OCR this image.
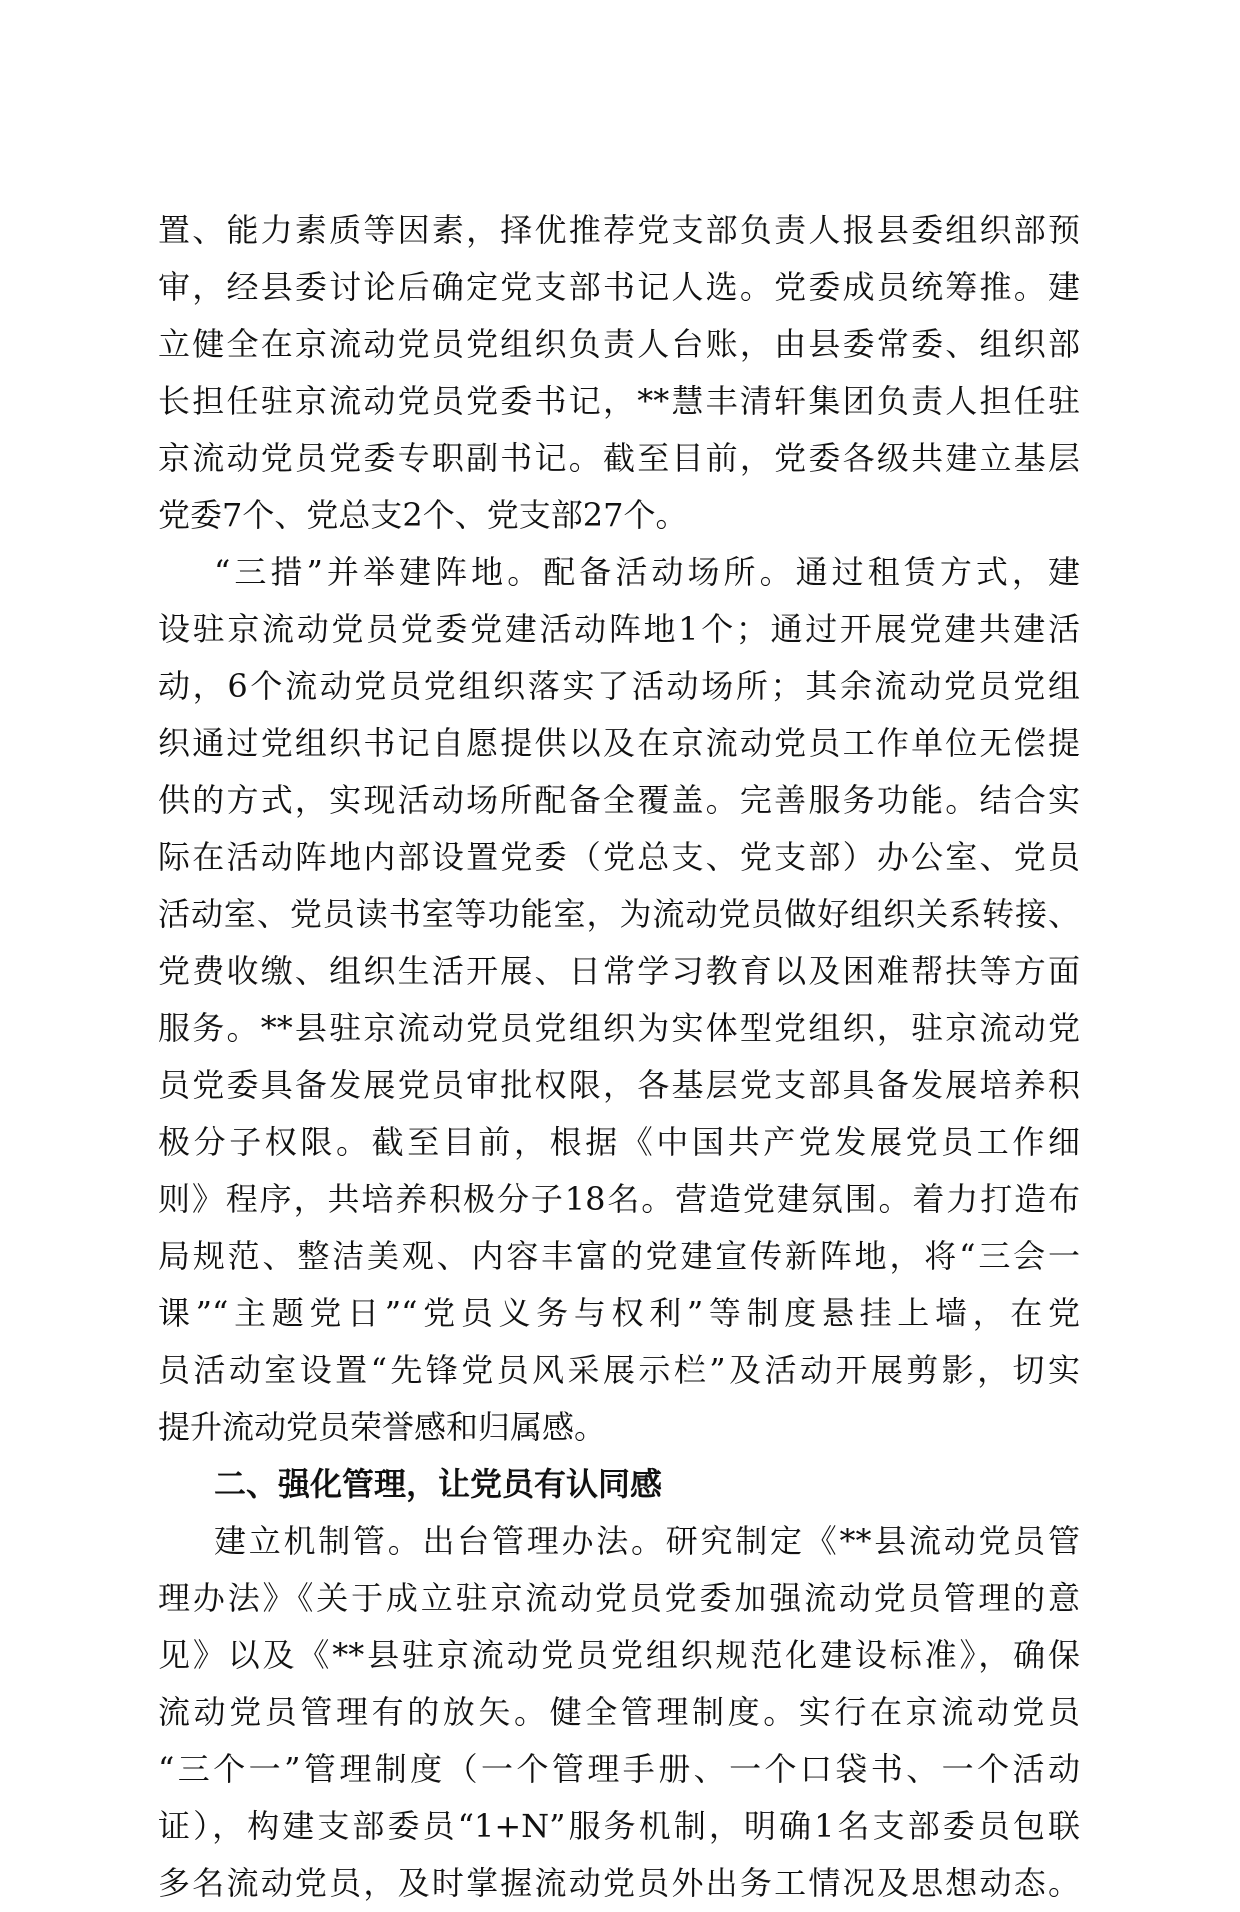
置、能力素质等因素，择优推荐党支部负责人报县委组织部预
审，经县委讨论后确定党支部书记人选。党委成员统筹推。建
立健全在京流动党员党组织负责人台账，由县委常委、组织部
长担任驻京流动党员党委书记，**慧丰清轩集团负责人担任驻
京流动党员党委专职副书记。截至目前，党委各级共建立基层
党委7个、党总支2个、党支部27个。
“三措”并举建阵地。配备活动场所。通过租赁方式，建
设驻京流动党员党委党建活动阵地1个；通过开展党建共建活
动，6个流动党员党组织落实了活动场所；其余流动党员党组
织通过党组织书记自愿提供以及在京流动党员工作单位无偿提
供的方式，实现活动场所配备全覆盖。完善服务功能。结合实
际在活动阵地内部设置党委（党总支、党支部）办公室、党员
活动室、党员读书室等功能室，为流动党员做好组织关系转接、
党费收缴、组织生活开展、日常学习教育以及困难帮扶等方面
服务。**县驻京流动党员党组织为实体型党组织，驻京流动党
员党委具备发展党员审批权限，各基层党支部具备发展培养积
极分子权限。截至目前，根据《中国共产党发展党员工作细
则》程序，共培养积极分子18名。营造党建氛围。着力打造布
局规范、整洁美观、内容丰富的党建宣传新阵地，将“三会一
课”“主题党日”“党员义务与权利”等制度悬挂上墙，在党
员活动室设置“先锋党员风采展示栏”及活动开展剪影，切实
提升流动党员荣誉感和归属感。
二、强化管理，让党员有认同感
建立机制管。出台管理办法。研究制定《**县流动党员管
理办法》《关于成立驻京流动党员党委加强流动党员管理的意
见》以及《**县驻京流动党员党组织规范化建设标准》，确保
流动党员管理有的放矢。健全管理制度。实行在京流动党员
“三个一”管理制度（一个管理手册、一个口袋书、一个活动
证），构建支部委员“1+N”服务机制，明确1名支部委员包联
多名流动党员，及时掌握流动党员外出务工情况及思想动态。
